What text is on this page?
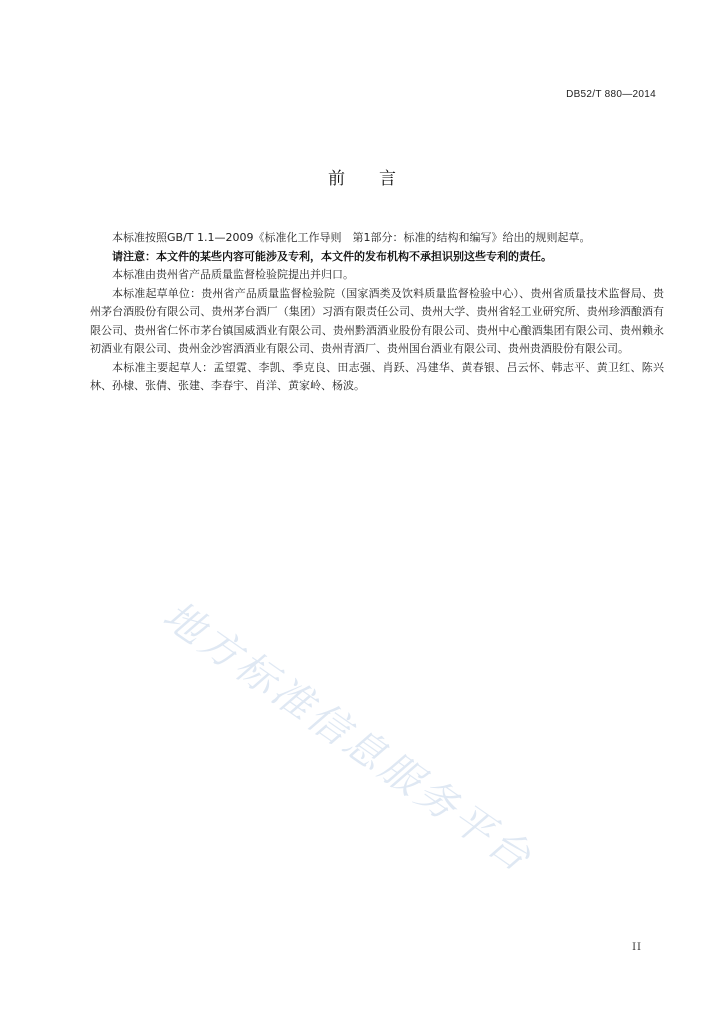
DB52/T 880—2014
前言

本标准按照GB/T 1.1—2009《标准化工作导则　第1部分：标准的结构和编写》给出的规则起草。

请注意：本文件的某些内容可能涉及专利，本文件的发布机构不承担识别这些专利的责任。

本标准由贵州省产品质量监督检验院提出并归口。

本标准起草单位：贵州省产品质量监督检验院（国家酒类及饮料质量监督检验中心）、贵州省质量技术监督局、贵州茅台酒股份有限公司、贵州茅台酒厂（集团）习酒有限责任公司、贵州大学、贵州省轻工业研究所、贵州珍酒酿酒有限公司、贵州省仁怀市茅台镇国威酒业有限公司、贵州黔酒酒业股份有限公司、贵州中心酿酒集团有限公司、贵州赖永初酒业有限公司、贵州金沙窖酒酒业有限公司、贵州青酒厂、贵州国台酒业有限公司、贵州贵酒股份有限公司。

本标准主要起草人：孟望霓、李凯、季克良、田志强、肖跃、冯建华、黄春银、吕云怀、韩志平、黄卫红、陈兴林、孙棣、张倩、张建、李春宇、肖洋、黄家岭、杨波。

地方标准信息服务平台
II
